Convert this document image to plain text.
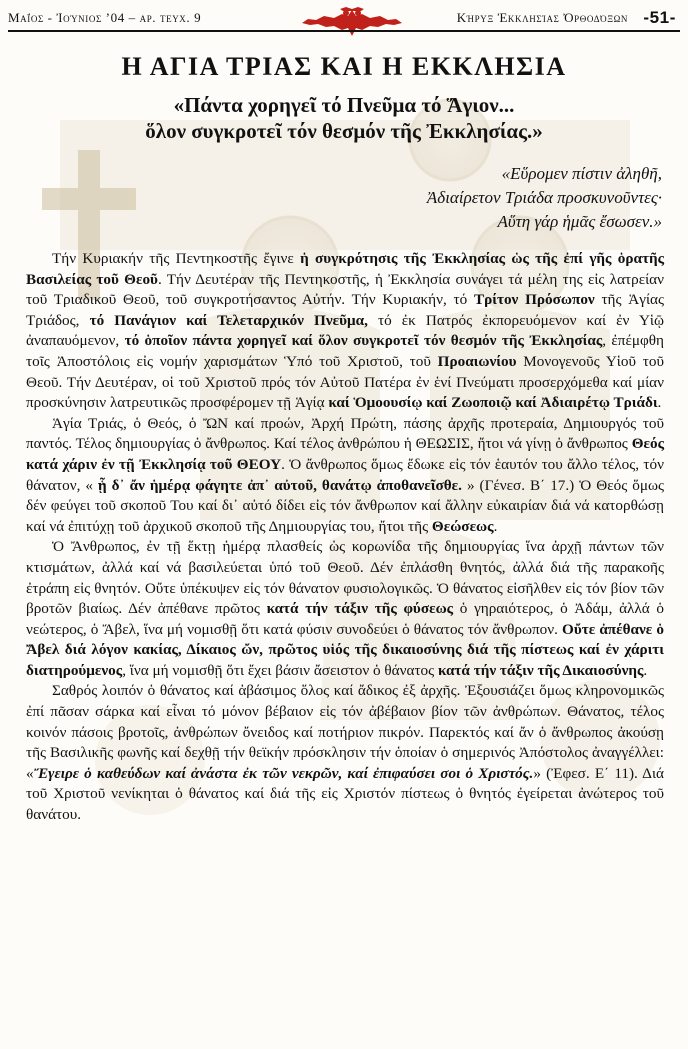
Μαΐος - Ἰούνιος ’04 – αρ. τευχ. 9	Κήρυξ Ἐκκλησίας Ὀρθοδόξων -51-
Η ΑΓΙΑ ΤΡΙΑΣ ΚΑΙ Η ΕΚΚΛΗΣΙΑ
«Πάντα χορηγεῖ τό Πνεῦμα τό Ἅγιον...
ὅλον συγκροτεῖ τόν θεσμόν τῆς Ἐκκλησίας.»
«Εὕρομεν πίστιν ἀληθῆ,
Ἀδιαίρετον Τριάδα προσκυνοῦντες·
Αὕτη γάρ ἡμᾶς ἔσωσεν.»

Τήν Κυριακήν τῆς Πεντηκοστῆς ἔγινε ἡ συγκρότησις τῆς Ἐκκλησίας ὡς τῆς ἐπί γῆς ὁρατῆς Βασιλείας τοῦ Θεοῦ. Τήν Δευτέραν τῆς Πεντηκοστῆς, ἡ Ἐκκλησία συνάγει τά μέλη της εἰς λατρείαν τοῦ Τριαδικοῦ Θεοῦ, τοῦ συγκροτήσαντος Αὐτήν. Τήν Κυριακήν, τό Τρίτον Πρόσωπον τῆς Ἁγίας Τριάδος, τό Πανάγιον καί Τελεταρχικόν Πνεῦμα, τό ἐκ Πατρός ἐκπορευόμενον καί ἐν Υἱῷ ἀναπαυόμενον, τό ὁποῖον πάντα χορηγεῖ καί ὅλον συγκροτεῖ τόν θεσμόν τῆς Ἐκκλησίας, ἐπέμφθη τοῖς Ἀποστόλοις εἰς νομήν χαρισμάτων Ὑπό τοῦ Χριστοῦ, τοῦ Προαιωνίου Μονογενοῦς Υἱοῦ τοῦ Θεοῦ. Τήν Δευτέραν, οἱ τοῦ Χριστοῦ πρός τόν Αὐτοῦ Πατέρα ἐν ἑνί Πνεύματι προσερχόμεθα καί μίαν προσκύνησιν λατρευτικῶς προσφέρομεν τῇ Ἁγίᾳ καί Ὁμοουσίῳ καί Ζωοποιῷ καί Ἀδιαιρέτῳ Τριάδι.

Ἁγία Τριάς, ὁ Θεός, ὁ ὬΝ καί προών, Ἀρχή Πρώτη, πάσης ἀρχῆς προτεραία, Δημιουργός τοῦ παντός. Τέλος δημιουργίας ὁ ἄνθρωπος. Καί τέλος ἀνθρώπου ἡ ΘΕΩΣΙΣ, ἤτοι νά γίνῃ ὁ ἄνθρωπος Θεός κατά χάριν ἐν τῇ Ἐκκλησίᾳ τοῦ ΘΕΟΥ. Ὁ ἄνθρωπος ὅμως ἔδωκε εἰς τόν ἑαυτόν του ἄλλο τέλος, τόν θάνατον, « ᾗ δ᾽ ἄν ἡμέρᾳ φάγητε ἀπ᾽ αὐτοῦ, θανάτῳ ἀποθανεῖσθε. » (Γένεσ. Β΄ 17.) Ὁ Θεός ὅμως δέν φεύγει τοῦ σκοποῦ Του καί δι᾽ αὐτό δίδει εἰς τόν ἄνθρωπον καί ἄλλην εὐκαιρίαν διά νά κατορθώσῃ καί νά ἐπιτύχῃ τοῦ ἀρχικοῦ σκοποῦ τῆς Δημιουργίας του, ἤτοι τῆς Θεώσεως.

Ὁ Ἄνθρωπος, ἐν τῇ ἕκτῃ ἡμέρᾳ πλασθείς ὡς κορωνίδα τῆς δημιουργίας ἵνα ἀρχῇ πάντων τῶν κτισμάτων, ἀλλά καί νά βασιλεύεται ὑπό τοῦ Θεοῦ. Δέν ἐπλάσθη θνητός, ἀλλά διά τῆς παρακοῆς ἐτράπη εἰς θνητόν. Οὔτε ὑπέκυψεν εἰς τόν θάνατον φυσιολογικῶς. Ὁ θάνατος εἰσῆλθεν εἰς τόν βίον τῶν βροτῶν βιαίως. Δέν ἀπέθανε πρῶτος κατά τήν τάξιν τῆς φύσεως ὁ γηραιότερος, ὁ Ἀδάμ, ἀλλά ὁ νεώτερος, ὁ Ἄβελ, ἵνα μή νομισθῇ ὅτι κατά φύσιν συνοδεύει ὁ θάνατος τόν ἄνθρωπον. Οὔτε ἀπέθανε ὁ Ἄβελ διά λόγον κακίας, Δίκαιος ὤν, πρῶτος υἱός τῆς δικαιοσύνης διά τῆς πίστεως καί ἐν χάριτι διατηρούμενος, ἵνα μή νομισθῇ ὅτι ἔχει βάσιν ἄσειστον ὁ θάνατος κατά τήν τάξιν τῆς Δικαιοσύνης.

Σαθρός λοιπόν ὁ θάνατος καί ἀβάσιμος ὅλος καί ἄδικος ἐξ ἀρχῆς. Ἐξουσιάζει ὅμως κληρονομικῶς ἐπί πᾶσαν σάρκα καί εἶναι τό μόνον βέβαιον εἰς τόν ἀβέβαιον βίον τῶν ἀνθρώπων. Θάνατος, τέλος κοινόν πάσοις βροτοῖς, ἀνθρώπων ὄνειδος καί ποτήριον πικρόν. Παρεκτός καί ἄν ὁ ἄνθρωπος ἀκούσῃ τῆς Βασιλικῆς φωνῆς καί δεχθῇ τήν θεϊκήν πρόσκλησιν τήν ὁποίαν ὁ σημερινός Ἀπόστολος ἀναγγέλλει: «Ἔγειρε ὁ καθεύδων καί ἀνάστα ἐκ τῶν νεκρῶν, καί ἐπιφαύσει σοι ὁ Χριστός.» (Ἐφεσ. Ε΄ 11). Διά τοῦ Χριστοῦ νενίκηται ὁ θάνατος καί διά τῆς εἰς Χριστόν πίστεως ὁ θνητός ἐγείρεται ἀνώτερος τοῦ θανάτου.
